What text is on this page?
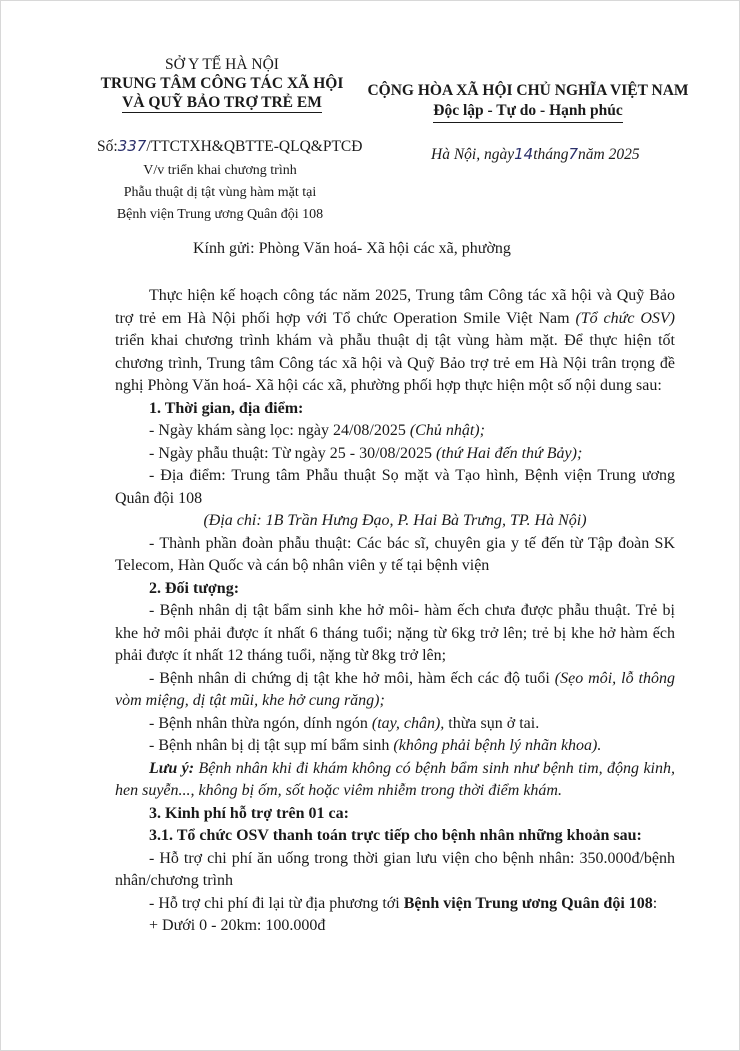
SỞ Y TẾ HÀ NỘI
TRUNG TÂM CÔNG TÁC XÃ HỘI
VÀ QUỸ BẢO TRỢ TRẺ EM
Số:337/TTCTXH&QBTTE-QLQ&PTCĐ
V/v triển khai chương trình
Phẫu thuật dị tật vùng hàm mặt tại
Bệnh viện Trung ương Quân đội 108
CỘNG HÒA XÃ HỘI CHỦ NGHĨA VIỆT NAM
Độc lập - Tự do - Hạnh phúc
Hà Nội, ngày14tháng7năm 2025
Kính gửi: Phòng Văn hoá- Xã hội các xã, phường

Thực hiện kế hoạch công tác năm 2025, Trung tâm Công tác xã hội và Quỹ Bảo trợ trẻ em Hà Nội phối hợp với Tổ chức Operation Smile Việt Nam (Tổ chức OSV) triển khai chương trình khám và phẫu thuật dị tật vùng hàm mặt. Để thực hiện tốt chương trình, Trung tâm Công tác xã hội và Quỹ Bảo trợ trẻ em Hà Nội trân trọng đề nghị Phòng Văn hoá- Xã hội các xã, phường phối hợp thực hiện một số nội dung sau:

1. Thời gian, địa điểm:

- Ngày khám sàng lọc: ngày 24/08/2025 (Chủ nhật);

- Ngày phẫu thuật: Từ ngày 25 - 30/08/2025 (thứ Hai đến thứ Bảy);

- Địa điểm: Trung tâm Phẫu thuật Sọ mặt và Tạo hình, Bệnh viện Trung ương Quân đội 108

(Địa chỉ: 1B Trần Hưng Đạo, P. Hai Bà Trưng, TP. Hà Nội)

- Thành phần đoàn phẫu thuật: Các bác sĩ, chuyên gia y tế đến từ Tập đoàn SK Telecom, Hàn Quốc và cán bộ nhân viên y tế tại bệnh viện

2. Đối tượng:

- Bệnh nhân dị tật bẩm sinh khe hở môi- hàm ếch chưa được phẫu thuật. Trẻ bị khe hở môi phải được ít nhất 6 tháng tuổi; nặng từ 6kg trở lên; trẻ bị khe hở hàm ếch phải được ít nhất 12 tháng tuổi, nặng từ 8kg trở lên;

- Bệnh nhân di chứng dị tật khe hở môi, hàm ếch các độ tuổi (Sẹo môi, lỗ thông vòm miệng, dị tật mũi, khe hở cung răng);

- Bệnh nhân thừa ngón, dính ngón (tay, chân), thừa sụn ở tai.

- Bệnh nhân bị dị tật sụp mí bẩm sinh (không phải bệnh lý nhãn khoa).

Lưu ý: Bệnh nhân khi đi khám không có bệnh bẩm sinh như bệnh tim, động kinh, hen suyễn..., không bị ốm, sốt hoặc viêm nhiễm trong thời điểm khám.

3. Kinh phí hỗ trợ trên 01 ca:

3.1. Tổ chức OSV thanh toán trực tiếp cho bệnh nhân những khoản sau:

- Hỗ trợ chi phí ăn uống trong thời gian lưu viện cho bệnh nhân: 350.000đ/bệnh nhân/chương trình

- Hỗ trợ chi phí đi lại từ địa phương tới Bệnh viện Trung ương Quân đội 108:

+ Dưới 0 - 20km: 100.000đ
